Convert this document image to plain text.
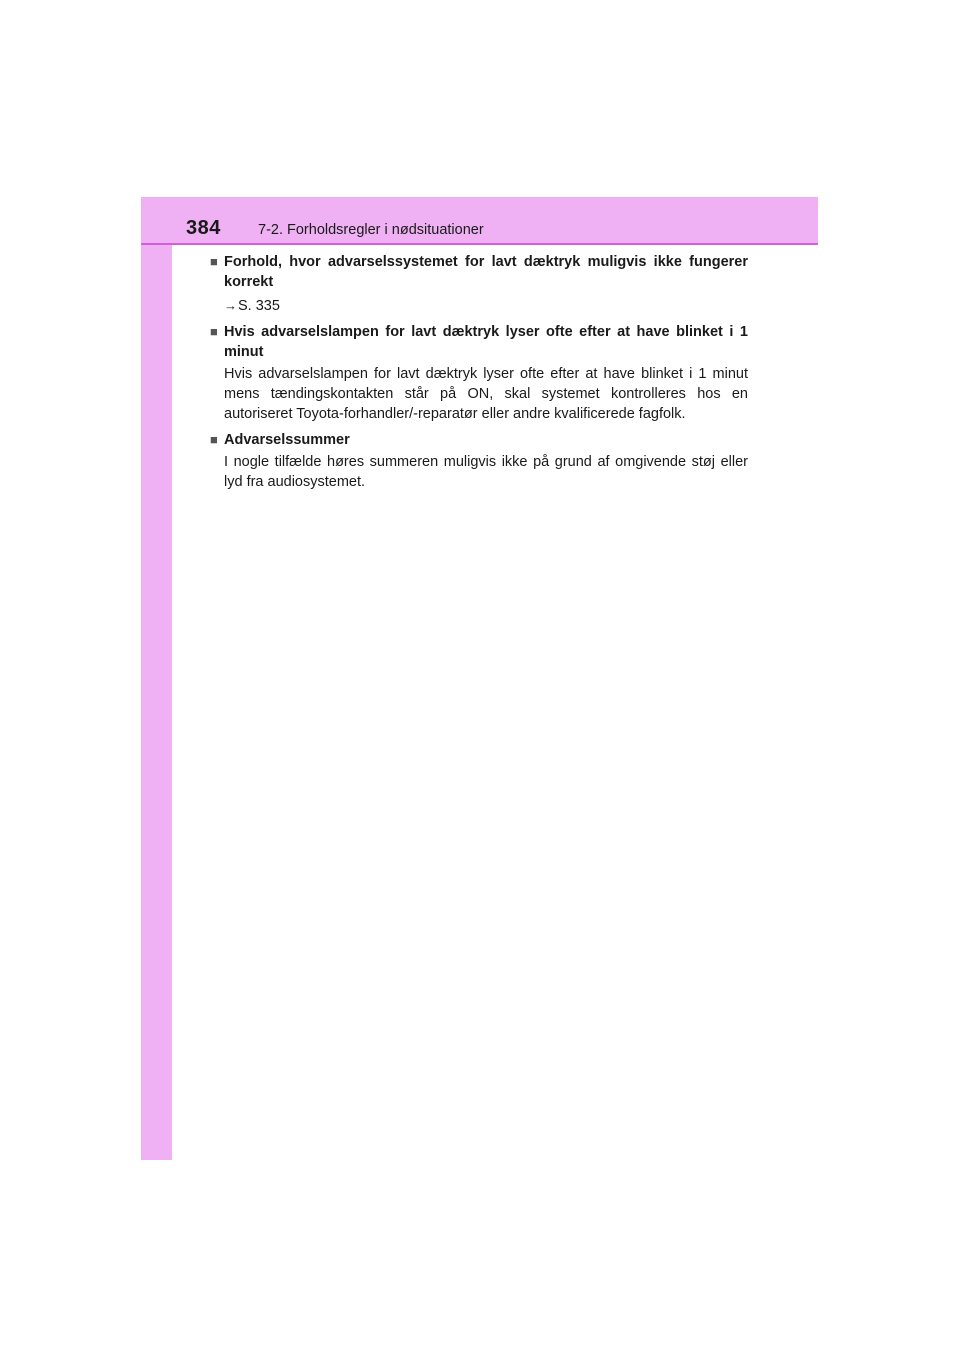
384	7-2. Forholdsregler i nødsituationer
■ Forhold, hvor advarselssystemet for lavt dæktryk muligvis ikke fungerer korrekt
→S. 335
■ Hvis advarselslampen for lavt dæktryk lyser ofte efter at have blinket i 1 minut
Hvis advarselslampen for lavt dæktryk lyser ofte efter at have blinket i 1 minut mens tændingskontakten står på ON, skal systemet kontrolleres hos en autoriseret Toyota-forhandler/-reparatør eller andre kvalificerede fagfolk.
■ Advarselssummer
I nogle tilfælde høres summeren muligvis ikke på grund af omgivende støj eller lyd fra audiosystemet.
